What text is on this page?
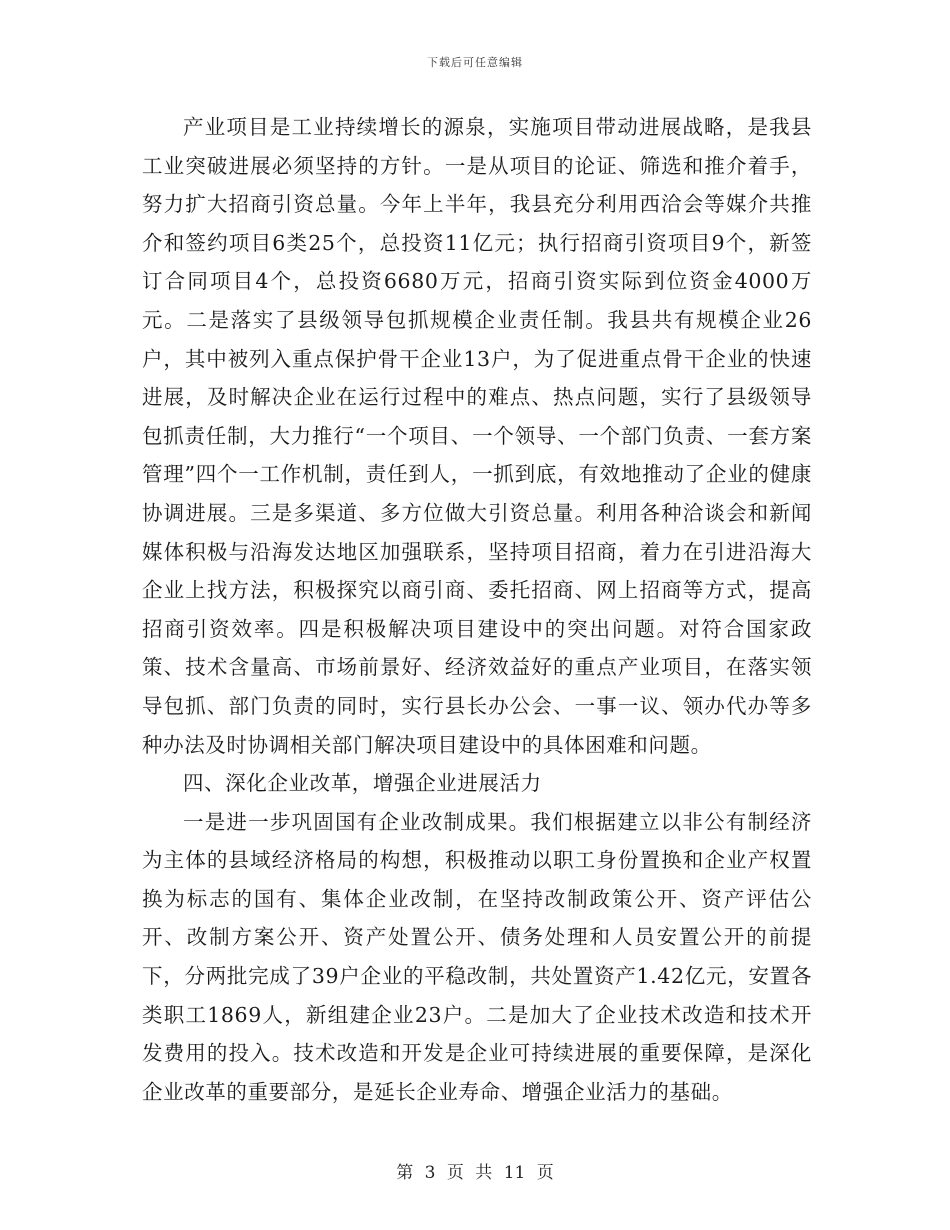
下载后可任意编辑

产业项目是工业持续增长的源泉，实施项目带动进展战略，是我县工业突破进展必须坚持的方针。一是从项目的论证、筛选和推介着手，努力扩大招商引资总量。今年上半年，我县充分利用西洽会等媒介共推介和签约项目6类25个，总投资11亿元；执行招商引资项目9个，新签订合同项目4个，总投资6680万元，招商引资实际到位资金4000万元。二是落实了县级领导包抓规模企业责任制。我县共有规模企业26户，其中被列入重点保护骨干企业13户，为了促进重点骨干企业的快速进展，及时解决企业在运行过程中的难点、热点问题，实行了县级领导包抓责任制，大力推行“一个项目、一个领导、一个部门负责、一套方案管理”四个一工作机制，责任到人，一抓到底，有效地推动了企业的健康协调进展。三是多渠道、多方位做大引资总量。利用各种洽谈会和新闻媒体积极与沿海发达地区加强联系，坚持项目招商，着力在引进沿海大企业上找方法，积极探究以商引商、委托招商、网上招商等方式，提高招商引资效率。四是积极解决项目建设中的突出问题。对符合国家政策、技术含量高、市场前景好、经济效益好的重点产业项目，在落实领导包抓、部门负责的同时，实行县长办公会、一事一议、领办代办等多种办法及时协调相关部门解决项目建设中的具体困难和问题。

四、深化企业改革，增强企业进展活力

一是进一步巩固国有企业改制成果。我们根据建立以非公有制经济为主体的县域经济格局的构想，积极推动以职工身份置换和企业产权置换为标志的国有、集体企业改制，在坚持改制政策公开、资产评估公开、改制方案公开、资产处置公开、债务处理和人员安置公开的前提下，分两批完成了39户企业的平稳改制，共处置资产1.42亿元，安置各类职工1869人，新组建企业23户。二是加大了企业技术改造和技术开发费用的投入。技术改造和开发是企业可持续进展的重要保障，是深化企业改革的重要部分，是延长企业寿命、增强企业活力的基础。

第 3 页 共 11 页
